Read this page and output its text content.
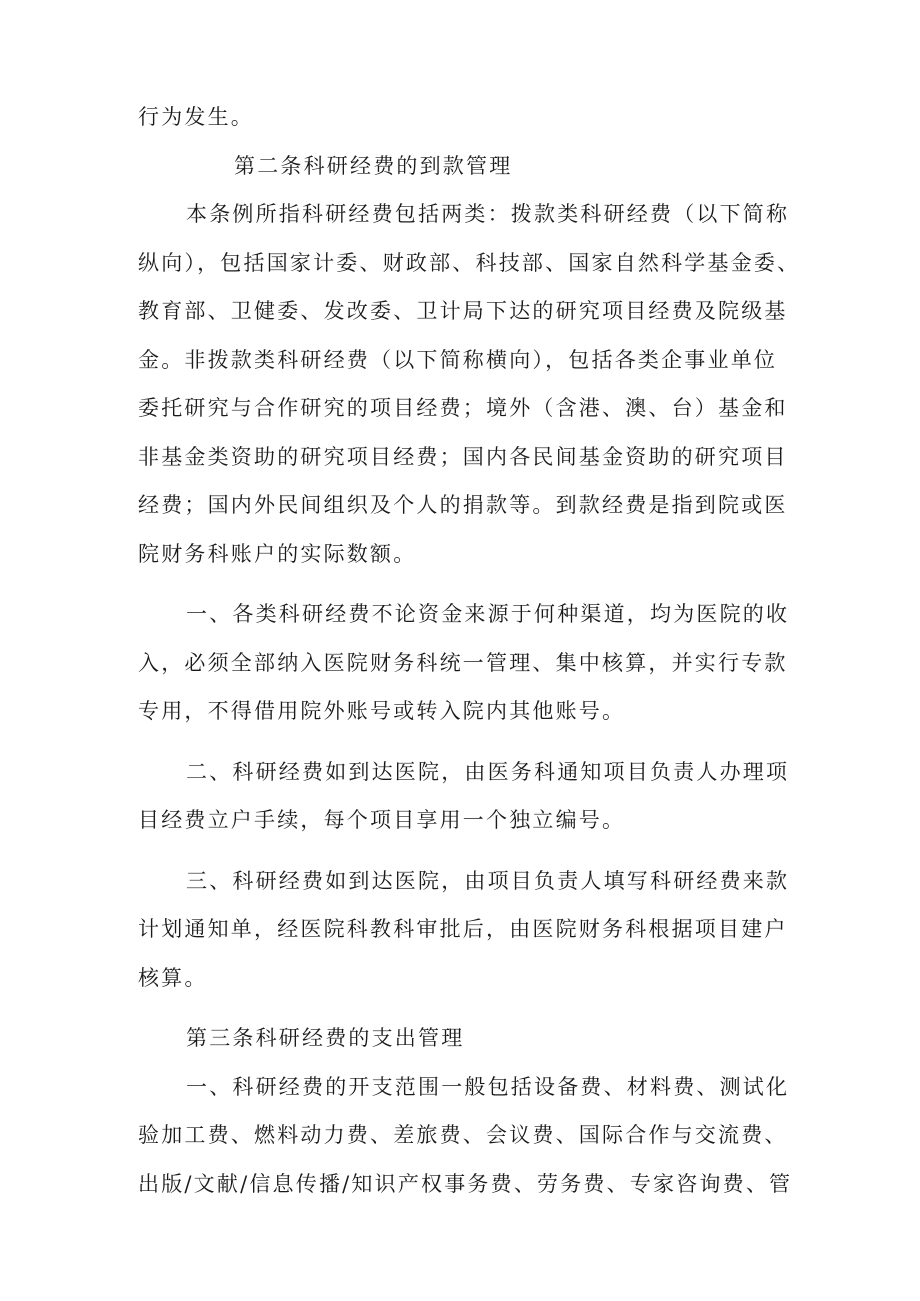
行为发生。
第二条科研经费的到款管理
本条例所指科研经费包括两类：拨款类科研经费（以下简称
纵向），包括国家计委、财政部、科技部、国家自然科学基金委、
教育部、卫健委、发改委、卫计局下达的研究项目经费及院级基
金。非拨款类科研经费（以下简称横向），包括各类企事业单位
委托研究与合作研究的项目经费；境外（含港、澳、台）基金和
非基金类资助的研究项目经费；国内各民间基金资助的研究项目
经费；国内外民间组织及个人的捐款等。到款经费是指到院或医
院财务科账户的实际数额。
一、各类科研经费不论资金来源于何种渠道，均为医院的收
入，必须全部纳入医院财务科统一管理、集中核算，并实行专款
专用，不得借用院外账号或转入院内其他账号。
二、科研经费如到达医院，由医务科通知项目负责人办理项
目经费立户手续，每个项目享用一个独立编号。
三、科研经费如到达医院，由项目负责人填写科研经费来款
计划通知单，经医院科教科审批后，由医院财务科根据项目建户
核算。
第三条科研经费的支出管理
一、科研经费的开支范围一般包括设备费、材料费、测试化
验加工费、燃料动力费、差旅费、会议费、国际合作与交流费、
出版/文献/信息传播/知识产权事务费、劳务费、专家咨询费、管
